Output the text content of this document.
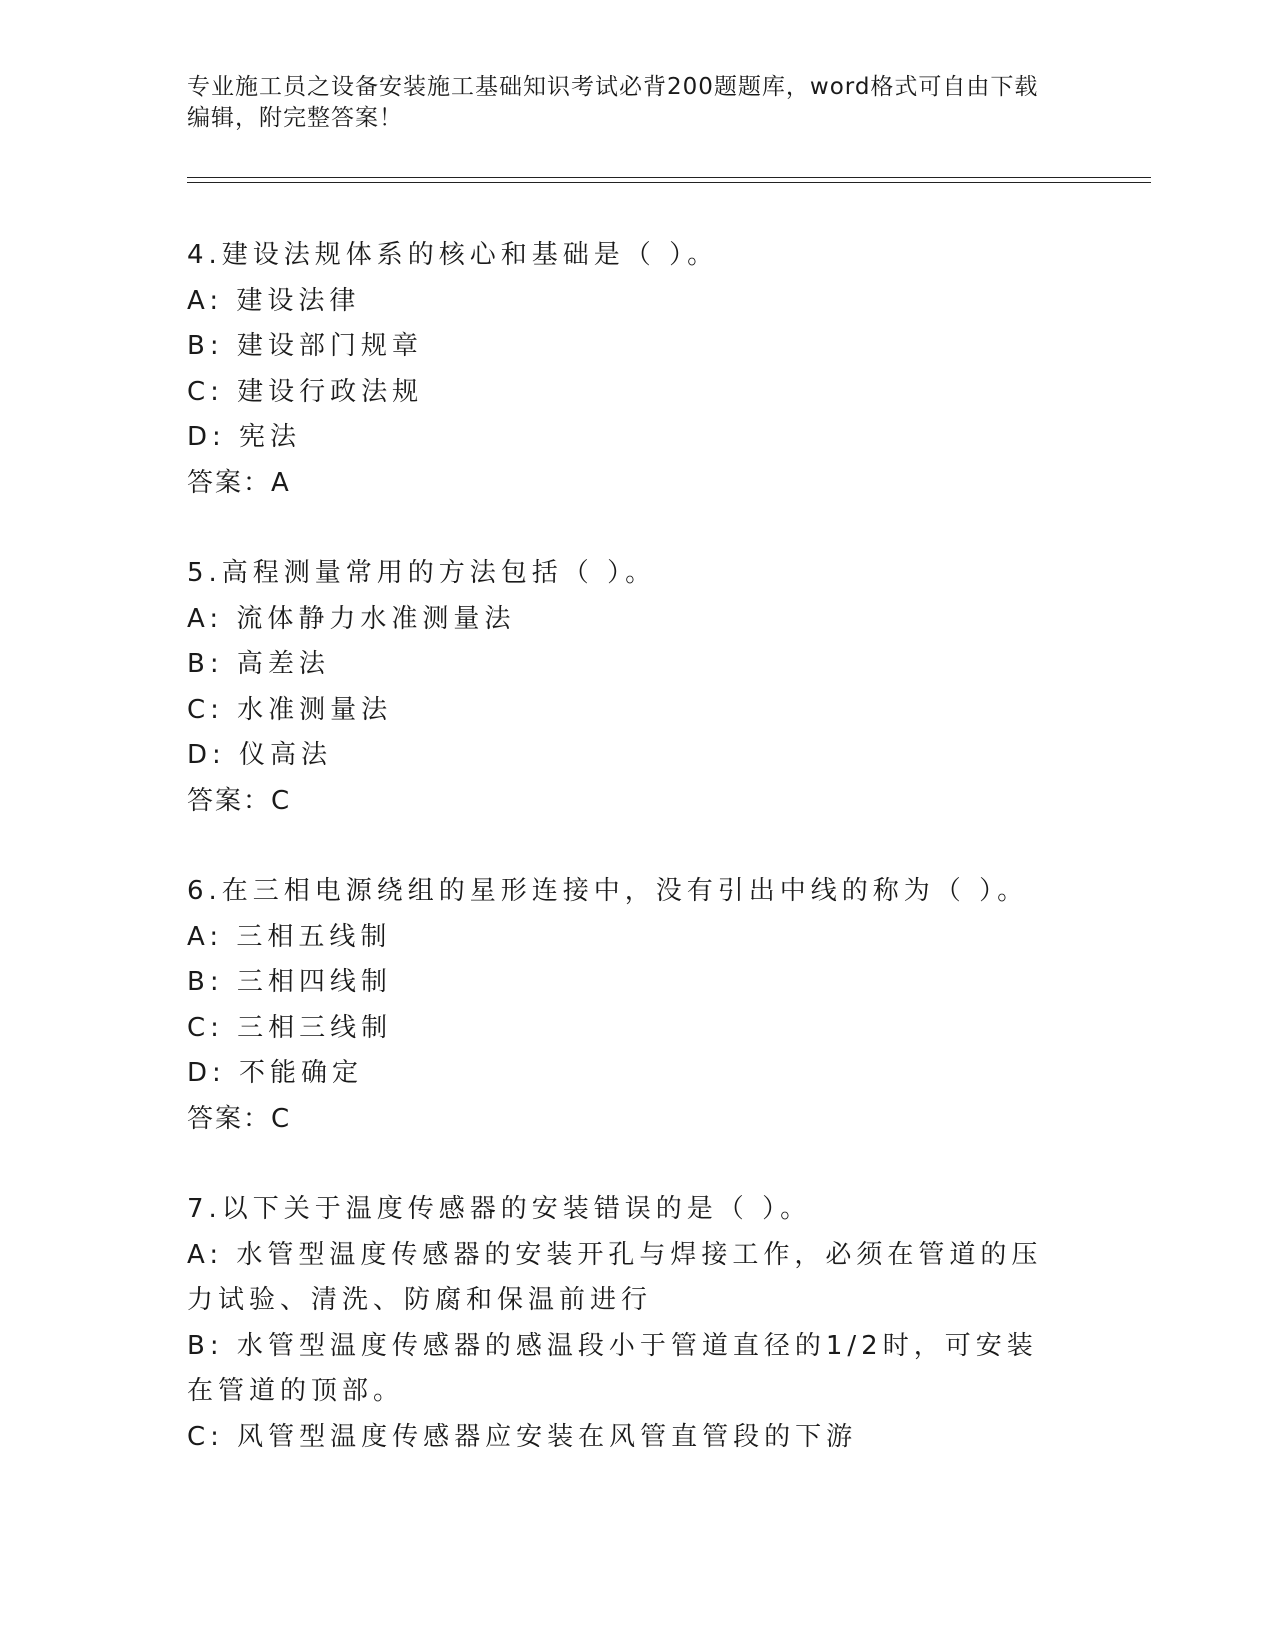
专业施工员之设备安装施工基础知识考试必背200题题库，word格式可自由下载
编辑，附完整答案！
4.建设法规体系的核心和基础是（ ）。
A: 建设法律
B: 建设部门规章
C: 建设行政法规
D: 宪法
答案：A
5.高程测量常用的方法包括（ ）。
A: 流体静力水准测量法
B: 高差法
C: 水准测量法
D: 仪高法
答案：C
6.在三相电源绕组的星形连接中，没有引出中线的称为（ ）。
A: 三相五线制
B: 三相四线制
C: 三相三线制
D: 不能确定
答案：C
7.以下关于温度传感器的安装错误的是（ ）。
A: 水管型温度传感器的安装开孔与焊接工作，必须在管道的压力试验、清洗、防腐和保温前进行
B: 水管型温度传感器的感温段小于管道直径的1/2时，可安装在管道的顶部。
C: 风管型温度传感器应安装在风管直管段的下游
